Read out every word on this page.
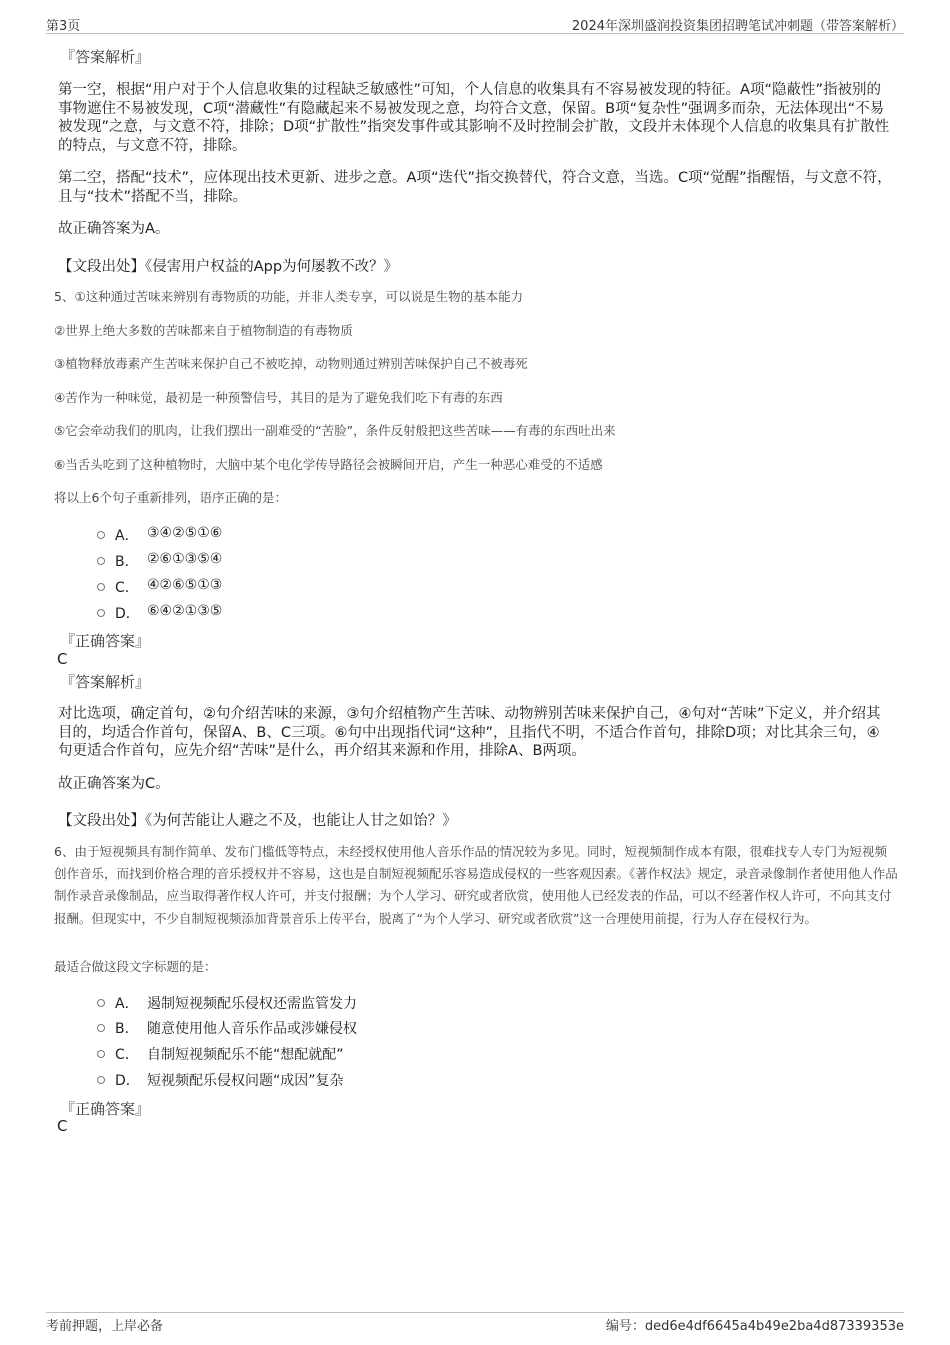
第3页	2024年深圳盛润投资集团招聘笔试冲刺题（带答案解析）
『答案解析』
第一空，根据“用户对于个人信息收集的过程缺乏敏感性”可知，个人信息的收集具有不容易被发现的特征。A项“隐蔽性”指被别的事物遮住不易被发现，C项“潜藏性”有隐藏起来不易被发现之意，均符合文意，保留。B项“复杂性”强调多而杂，无法体现出“不易被发现”之意，与文意不符，排除；D项“扩散性”指突发事件或其影响不及时控制会扩散，文段并未体现个人信息的收集具有扩散性的特点，与文意不符，排除。
第二空，搭配“技术”，应体现出技术更新、进步之意。A项“迭代”指交换替代，符合文意，当选。C项“觉醒”指醒悟，与文意不符，且与“技术”搭配不当，排除。
故正确答案为A。
【文段出处】《侵害用户权益的App为何屡教不改？》
5、①这种通过苦味来辨别有毒物质的功能，并非人类专享，可以说是生物的基本能力
②世界上绝大多数的苦味都来自于植物制造的有毒物质
③植物释放毒素产生苦味来保护自己不被吃掉，动物则通过辨别苦味保护自己不被毒死
④苦作为一种味觉，最初是一种预警信号，其目的是为了避免我们吃下有毒的东西
⑤它会牵动我们的肌肉，让我们摆出一副难受的“苦脸”，条件反射般把这些苦味——有毒的东西吐出来
⑥当舌头吃到了这种植物时，大脑中某个电化学传导路径会被瞬间开启，产生一种恶心难受的不适感
将以上6个句子重新排列，语序正确的是：
A． ③④②⑤①⑥
B． ②⑥①③⑤④
C． ④②⑥⑤①③
D． ⑥④②①③⑤
『正确答案』
C
『答案解析』
对比选项，确定首句，②句介绍苦味的来源，③句介绍植物产生苦味、动物辨别苦味来保护自己，④句对“苦味”下定义，并介绍其目的，均适合作首句，保留A、B、C三项。⑥句中出现指代词“这种”，且指代不明，不适合作首句，排除D项；对比其余三句，④句更适合作首句，应先介绍“苦味”是什么，再介绍其来源和作用，排除A、B两项。
故正确答案为C。
【文段出处】《为何苦能让人避之不及，也能让人甘之如饴？》
6、由于短视频具有制作简单、发布门槛低等特点，未经授权使用他人音乐作品的情况较为多见。同时，短视频制作成本有限，很难找专人专门为短视频创作音乐，而找到价格合理的音乐授权并不容易，这也是自制短视频配乐容易造成侵权的一些客观因素。《著作权法》规定，录音录像制作者使用他人作品制作录音录像制品，应当取得著作权人许可，并支付报酬；为个人学习、研究或者欣赏，使用他人已经发表的作品，可以不经著作权人许可，不向其支付报酬。但现实中，不少自制短视频添加背景音乐上传平台，脱离了“为个人学习、研究或者欣赏”这一合理使用前提，行为人存在侵权行为。
最适合做这段文字标题的是：
A． 遏制短视频配乐侵权还需监管发力
B． 随意使用他人音乐作品或涉嫌侵权
C． 自制短视频配乐不能“想配就配”
D． 短视频配乐侵权问题“成因”复杂
『正确答案』
C
考前押题，上岸必备	编号：ded6e4df6645a4b49e2ba4d87339353e
